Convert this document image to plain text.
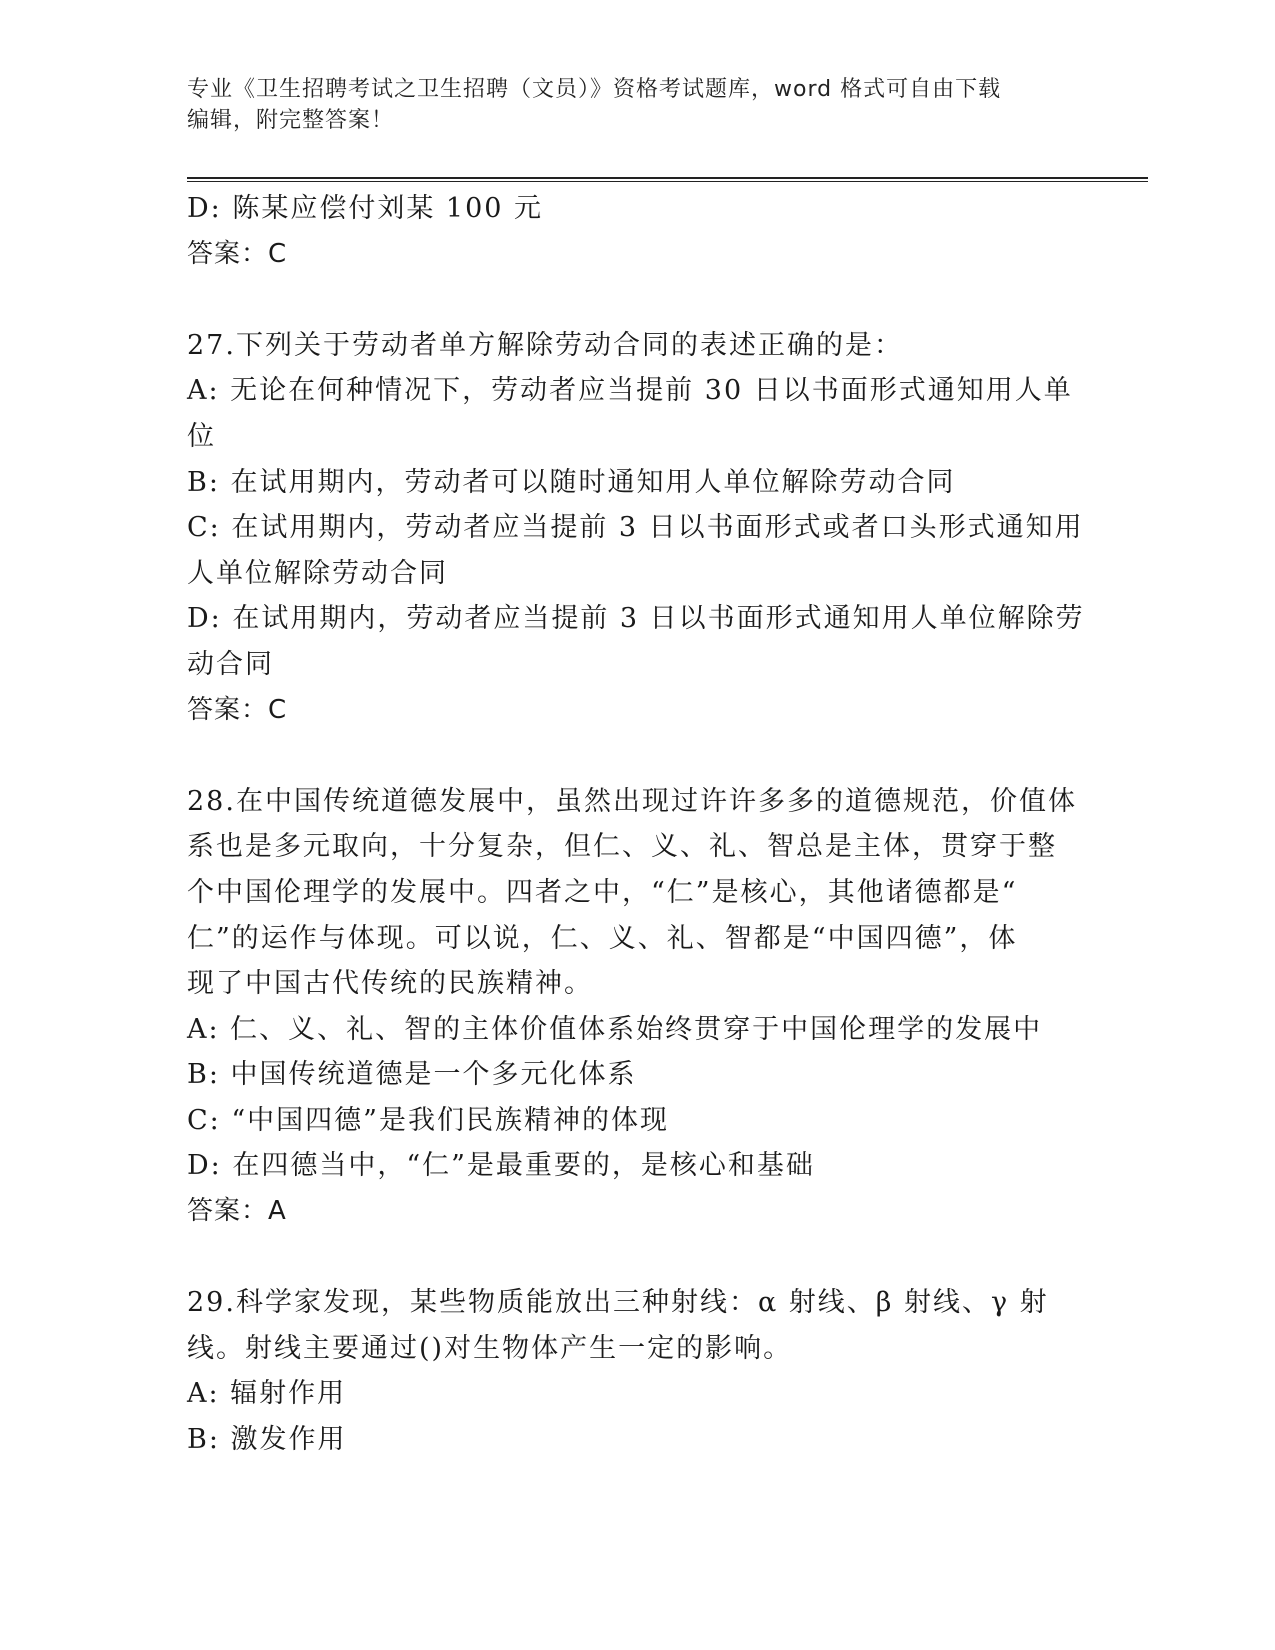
专业《卫生招聘考试之卫生招聘（文员）》资格考试题库，word 格式可自由下载
编辑，附完整答案！
D: 陈某应偿付刘某 100 元
答案：C
27.下列关于劳动者单方解除劳动合同的表述正确的是：
A: 无论在何种情况下，劳动者应当提前 30 日以书面形式通知用人单
位
B: 在试用期内，劳动者可以随时通知用人单位解除劳动合同
C: 在试用期内，劳动者应当提前 3 日以书面形式或者口头形式通知用
人单位解除劳动合同
D: 在试用期内，劳动者应当提前 3 日以书面形式通知用人单位解除劳
动合同
答案：C
28.在中国传统道德发展中，虽然出现过许许多多的道德规范，价值体
系也是多元取向，十分复杂，但仁、义、礼、智总是主体，贯穿于整
个中国伦理学的发展中。四者之中，“仁”是核心，其他诸德都是“
仁”的运作与体现。可以说，仁、义、礼、智都是“中国四德”，体
现了中国古代传统的民族精神。
A: 仁、义、礼、智的主体价值体系始终贯穿于中国伦理学的发展中
B: 中国传统道德是一个多元化体系
C: “中国四德”是我们民族精神的体现
D: 在四德当中，“仁”是最重要的，是核心和基础
答案：A
29.科学家发现，某些物质能放出三种射线：α 射线、β 射线、γ 射
线。射线主要通过()对生物体产生一定的影响。
A: 辐射作用
B: 激发作用
